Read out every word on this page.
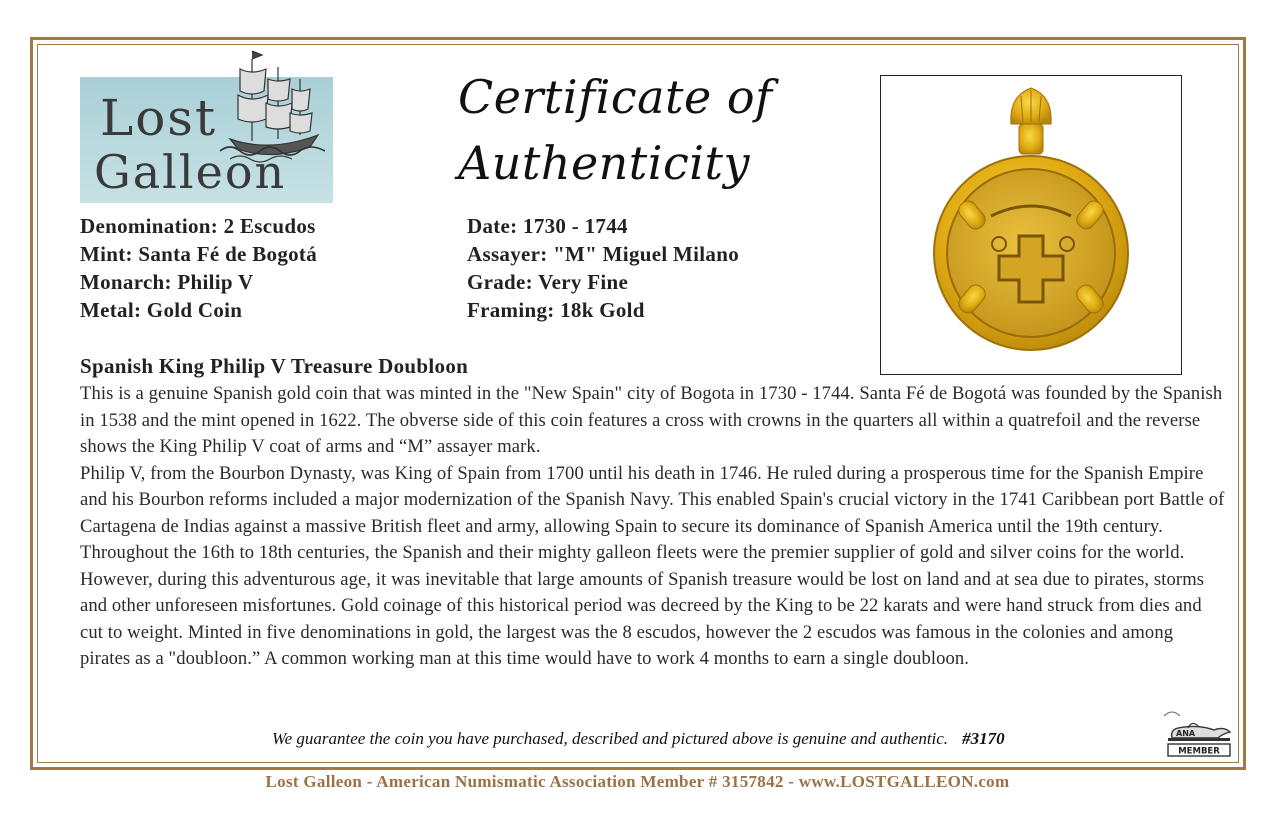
Lost
Galleon
Certificate of
Authenticity
Denomination: 2 Escudos
Mint: Santa Fé de Bogotá
Monarch: Philip V
Metal: Gold Coin
Date: 1730 - 1744
Assayer: "M" Miguel Milano
Grade: Very Fine
Framing: 18k Gold
Spanish King Philip V Treasure Doubloon

This is a genuine Spanish gold coin that was minted in the "New Spain" city of Bogota in 1730 - 1744. Santa Fé de Bogotá was founded by the Spanish in 1538 and the mint opened in 1622. The obverse side of this coin features a cross with crowns in the quarters all within a quatrefoil and the reverse shows the King Philip V coat of arms and “M” assayer mark.

Philip V, from the Bourbon Dynasty, was King of Spain from 1700 until his death in 1746. He ruled during a prosperous time for the Spanish Empire and his Bourbon reforms included a major modernization of the Spanish Navy. This enabled Spain's crucial victory in the 1741 Caribbean port Battle of Cartagena de Indias against a massive British fleet and army, allowing Spain to secure its dominance of Spanish America until the 19th century.

Throughout the 16th to 18th centuries, the Spanish and their mighty galleon fleets were the premier supplier of gold and silver coins for the world. However, during this adventurous age, it was inevitable that large amounts of Spanish treasure would be lost on land and at sea due to pirates, storms and other unforeseen misfortunes. Gold coinage of this historical period was decreed by the King to be 22 karats and were hand struck from dies and cut to weight. Minted in five denominations in gold, the largest was the 8 escudos, however the 2 escudos was famous in the colonies and among pirates as a "doubloon.” A common working man at this time would have to work 4 months to earn a single doubloon.

We guarantee the coin you have purchased, described and pictured above is genuine and authentic. #3170	ANA
MEMBER
Lost Galleon - American Numismatic Association Member # 3157842 - www.LOSTGALLEON.com
